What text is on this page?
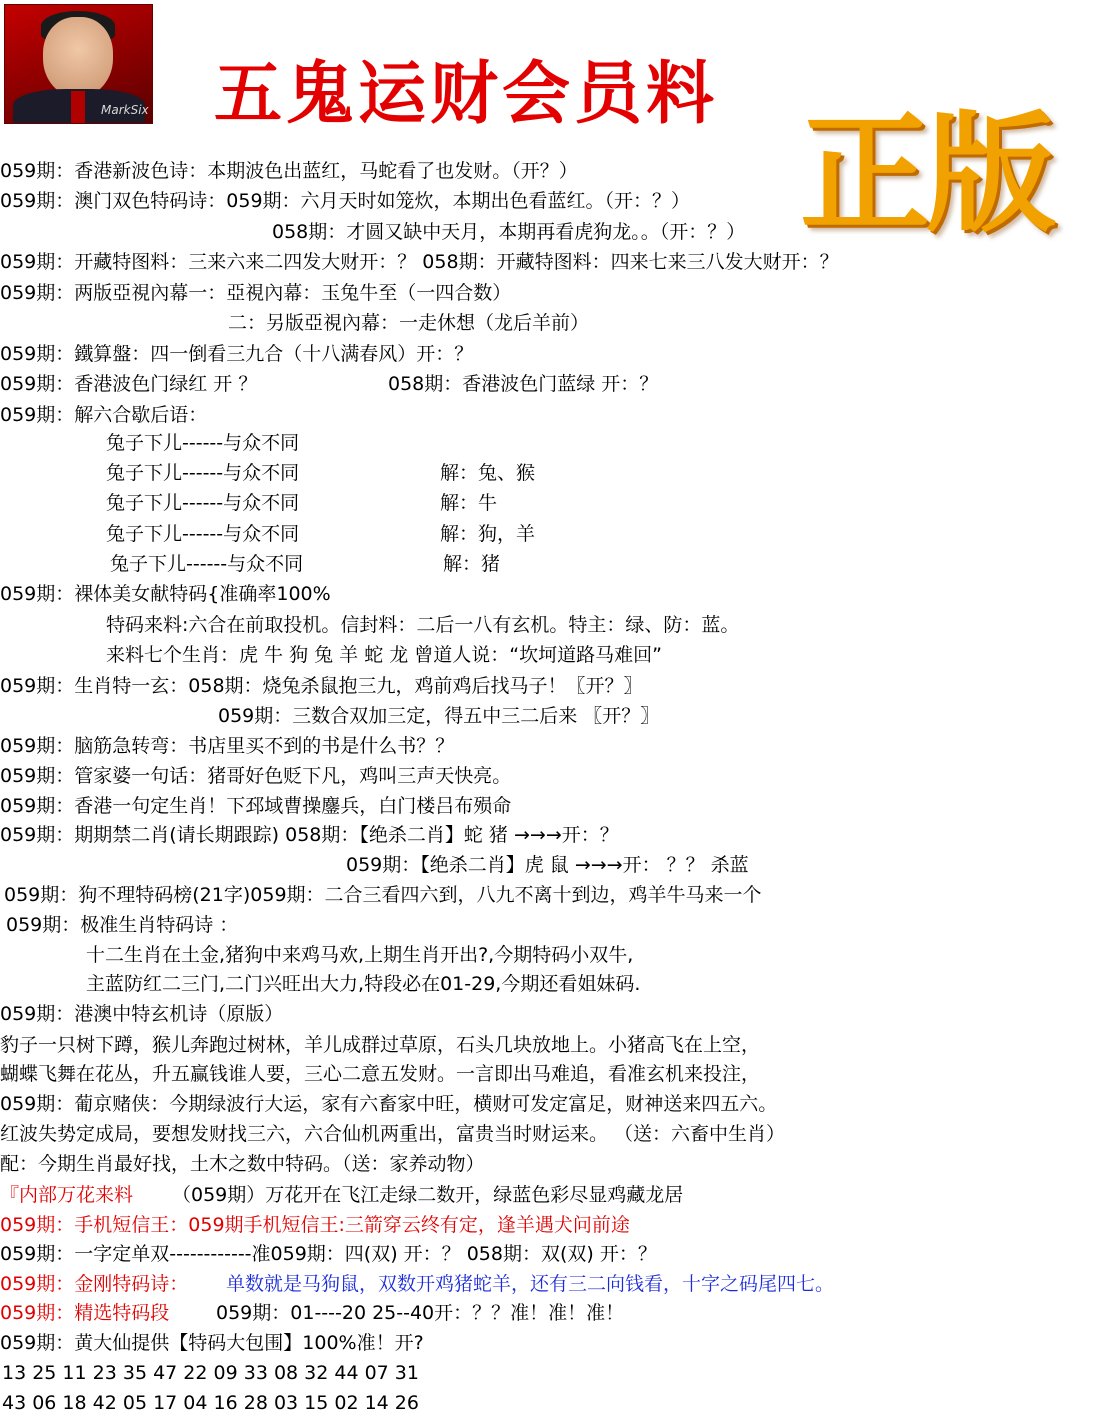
MarkSix 五鬼运财会员料
正版
059期：香港新波色诗：本期波色出蓝红，马蛇看了也发财。（开？）
059期：澳门双色特码诗：059期：六月天时如笼炊，本期出色看蓝红。（开：？）
058期：才圆又缺中天月，本期再看虎狗龙。。（开：？）
059期：开藏特图料：三来六来二四发大财开：？ 058期：开藏特图料：四来七来三八发大财开：？
059期：两版亞視內幕一：亞視內幕：玉兔牛至（一四合数）
二：另版亞視內幕：一走休想（龙后羊前）
059期：鐵算盤：四一倒看三九合（十八满春风）开：？
059期：香港波色门绿红 开 ？	058期：香港波色门蓝绿 开：？
059期：解六合歇后语：
兔子下儿------与众不同
兔子下儿------与众不同	解：兔、猴
兔子下儿------与众不同	解：牛
兔子下儿------与众不同	解：狗，羊
兔子下儿------与众不同	解：猪
059期：裸体美女献特码{准确率100%
特码来料:六合在前取投机。信封料：二后一八有玄机。特主：绿、防：蓝。
来料七个生肖：虎 牛 狗 兔 羊 蛇 龙 曾道人说：“坎坷道路马难回”
059期：生肖特一玄：058期：烧兔杀鼠抱三九，鸡前鸡后找马子！〖开？〗
059期：三数合双加三定，得五中三二后来 〖开？〗
059期：脑筋急转弯：书店里买不到的书是什么书？？
059期：管家婆一句话：猪哥好色贬下凡，鸡叫三声天快亮。
059期：香港一句定生肖！下邳域曹操鏖兵，白门楼吕布殒命
059期：期期禁二肖(请长期跟踪) 058期：【绝杀二肖】蛇 猪 →→→开：？
059期：【绝杀二肖】虎 鼠 →→→开： ？？ 杀蓝
059期：狗不理特码榜(21字)059期：二合三看四六到，八九不离十到边，鸡羊牛马来一个
059期：极准生肖特码诗 ：
十二生肖在土金,猪狗中来鸡马欢,上期生肖开出?,今期特码小双牛,
主蓝防红二三门,二门兴旺出大力,特段必在01-29,今期还看姐妹码.
059期：港澳中特玄机诗（原版）
豹子一只树下蹲，猴儿奔跑过树林，羊儿成群过草原，石头几块放地上。小猪高飞在上空，
蝴蝶飞舞在花丛，升五赢钱谁人要，三心二意五发财。一言即出马难追，看准玄机来投注，
059期：葡京赌侠：今期绿波行大运，家有六畜家中旺，横财可发定富足，财神送来四五六。
红波失势定成局，要想发财找三六，六合仙机两重出，富贵当时财运来。 （送：六畜中生肖）
配：今期生肖最好找，土木之数中特码。（送：家养动物）
『内部万花来料 （059期）万花开在飞江走绿二数开，绿蓝色彩尽显鸡藏龙居
059期：手机短信王：059期手机短信王:三箭穿云终有定，逢羊遇犬问前途
059期：一字定单双------------准059期：四(双) 开：？ 058期：双(双) 开：？
059期：金刚特码诗： 单数就是马狗鼠，双数开鸡猪蛇羊，还有三二向钱看，十字之码尾四七。
059期：精选特码段 059期：01----20 25--40开：？？准！准！准！
059期：黄大仙提供【特码大包围】100%准！开?
13 25 11 23 35 47 22 09 33 08 32 44 07 31
43 06 18 42 05 17 04 16 28 03 15 02 14 26
